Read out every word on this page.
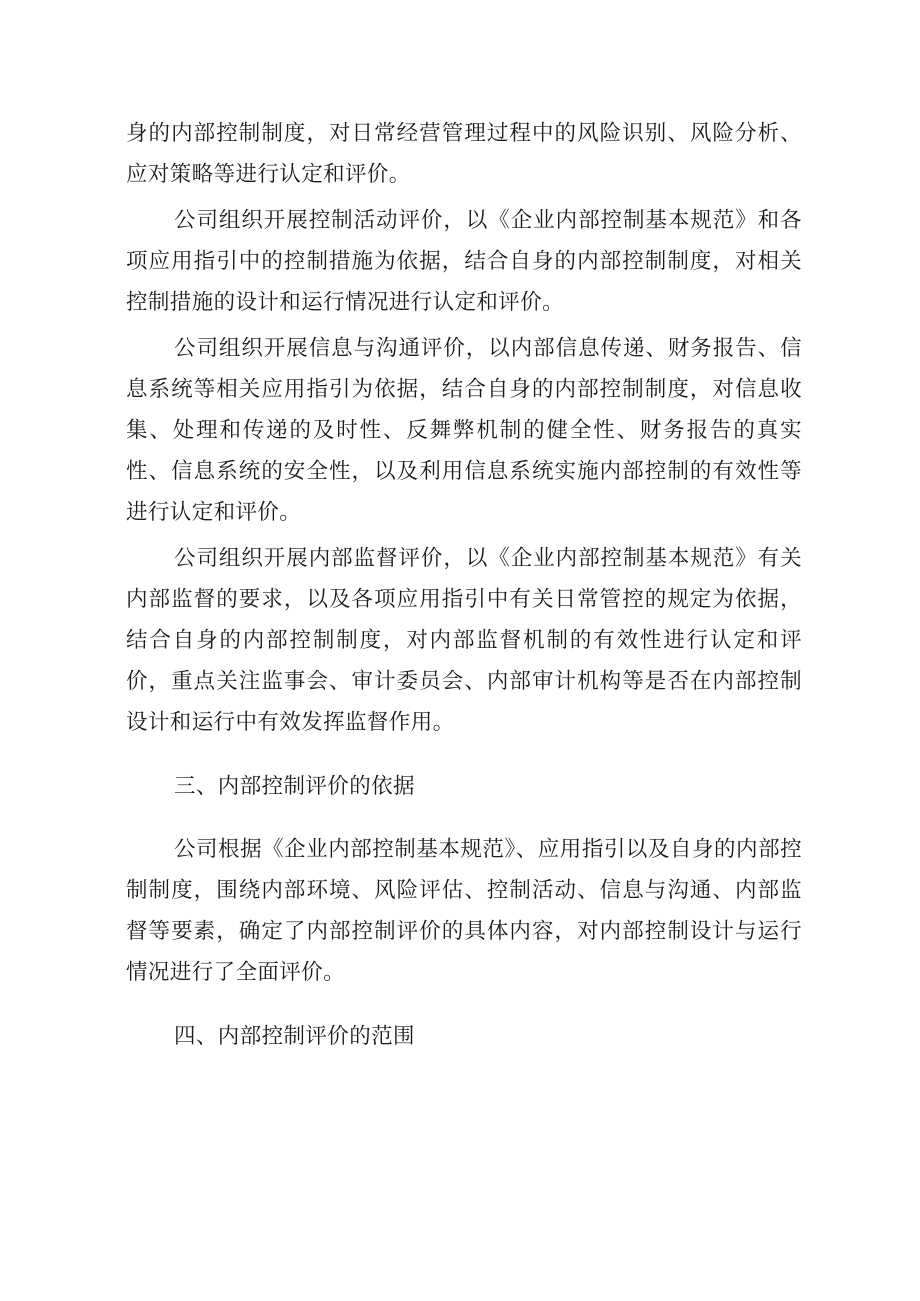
身的内部控制制度，对日常经营管理过程中的风险识别、风险分析、应对策略等进行认定和评价。

公司组织开展控制活动评价，以《企业内部控制基本规范》和各项应用指引中的控制措施为依据，结合自身的内部控制制度，对相关控制措施的设计和运行情况进行认定和评价。

公司组织开展信息与沟通评价，以内部信息传递、财务报告、信息系统等相关应用指引为依据，结合自身的内部控制制度，对信息收集、处理和传递的及时性、反舞弊机制的健全性、财务报告的真实性、信息系统的安全性，以及利用信息系统实施内部控制的有效性等进行认定和评价。

公司组织开展内部监督评价，以《企业内部控制基本规范》有关内部监督的要求，以及各项应用指引中有关日常管控的规定为依据，结合自身的内部控制制度，对内部监督机制的有效性进行认定和评价，重点关注监事会、审计委员会、内部审计机构等是否在内部控制设计和运行中有效发挥监督作用。

三、内部控制评价的依据

公司根据《企业内部控制基本规范》、应用指引以及自身的内部控制制度，围绕内部环境、风险评估、控制活动、信息与沟通、内部监督等要素，确定了内部控制评价的具体内容，对内部控制设计与运行情况进行了全面评价。

四、内部控制评价的范围
